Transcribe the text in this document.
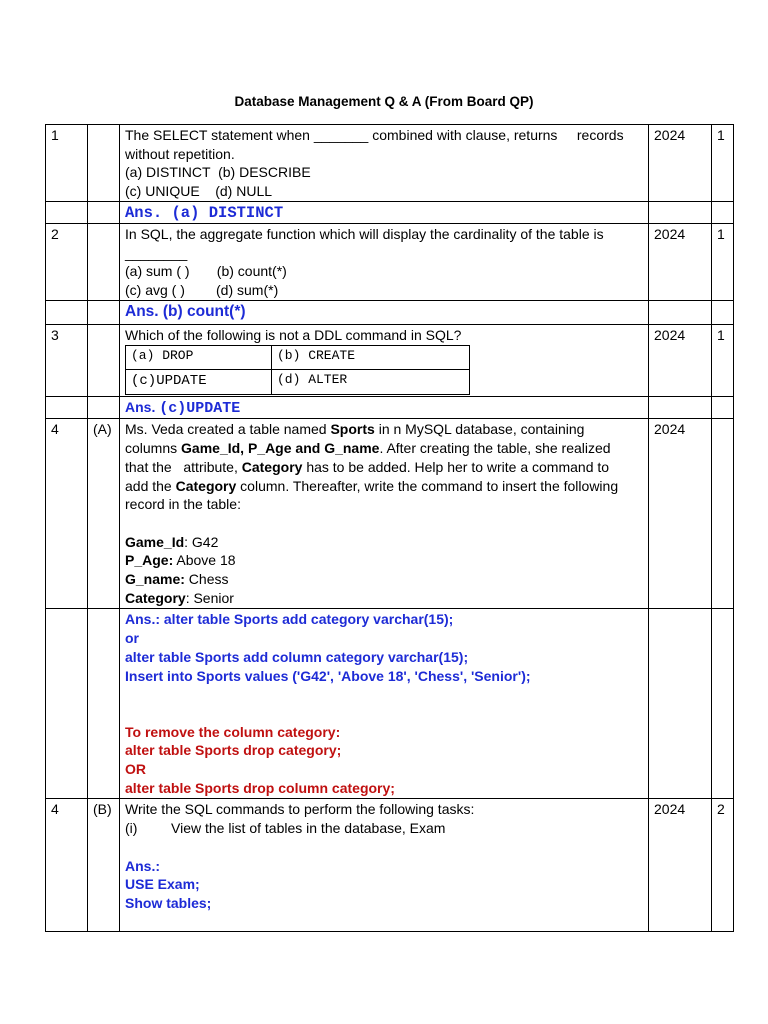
Database Management Q & A (From Board QP)
1		The SELECT statement when _______ combined with clause, returns records
without repetition.
(a) DISTINCT  (b) DESCRIBE
(c) UNIQUE    (d) NULL
	2024	1
		Ans. (a) DISTINCT		
2		In SQL, the aggregate function which will display the cardinality of the table is
________
(a) sum ( )       (b) count(*)
(c) avg ( )        (d) sum(*)
	2024	1
		Ans. (b) count(*)		
3		Which of the following is not a DDL command in SQL?
(a) DROP	(b) CREATE
(c)UPDATE	(d) ALTER
	2024	1
		Ans. (c)UPDATE		
4	(A)	Ms. Veda created a table named Sports in n MySQL database, containing
columns Game_Id, P_Age and G_name. After creating the table, she realized
that the   attribute, Category has to be added. Help her to write a command to
add the Category column. Thereafter, write the command to insert the following
record in the table:
Game_Id: G42
P_Age: Above 18
G_name: Chess
Category: Senior
	2024	

Ans.: alter table Sports add category varchar(15);
or
alter table Sports add column category varchar(15);
Insert into Sports values ('G42', 'Above 18', 'Chess', 'Senior');
To remove the column category:
alter table Sports drop category;
OR
alter table Sports drop column category;

4	(B)	Write the SQL commands to perform the following tasks:
(i) View the list of tables in the database, Exam
Ans.:
USE Exam;
Show tables;
	2024	2
